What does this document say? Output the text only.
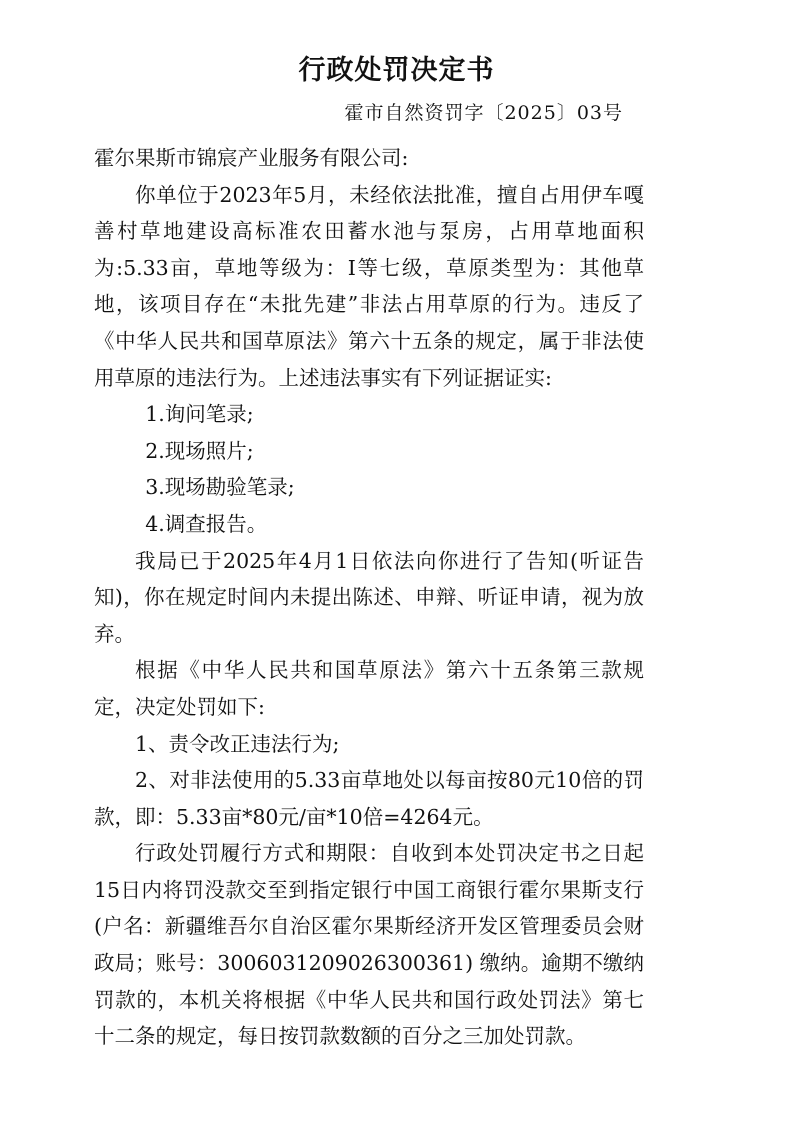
行政处罚决定书
霍市自然资罚字〔2025〕03号

霍尔果斯市锦宸产业服务有限公司:

你单位于2023年5月，未经依法批准，擅自占用伊车嘎善村草地建设高标准农田蓄水池与泵房，占用草地面积为:5.33亩，草地等级为：I等七级，草原类型为：其他草地，该项目存在“未批先建”非法占用草原的行为。违反了《中华人民共和国草原法》第六十五条的规定，属于非法使用草原的违法行为。上述违法事实有下列证据证实:

1.询问笔录;

2.现场照片;

3.现场勘验笔录;

4.调查报告。

我局已于2025年4月1日依法向你进行了告知(听证告知)，你在规定时间内未提出陈述、申辩、听证申请，视为放弃。

根据《中华人民共和国草原法》第六十五条第三款规定，决定处罚如下:

1、责令改正违法行为;

2、对非法使用的5.33亩草地处以每亩按80元10倍的罚款，即：5.33亩*80元/亩*10倍=4264元。

行政处罚履行方式和期限：自收到本处罚决定书之日起15日内将罚没款交至到指定银行中国工商银行霍尔果斯支行(户名：新疆维吾尔自治区霍尔果斯经济开发区管理委员会财政局；账号：3006031209026300361) 缴纳。逾期不缴纳罚款的，本机关将根据《中华人民共和国行政处罚法》第七十二条的规定，每日按罚款数额的百分之三加处罚款。
